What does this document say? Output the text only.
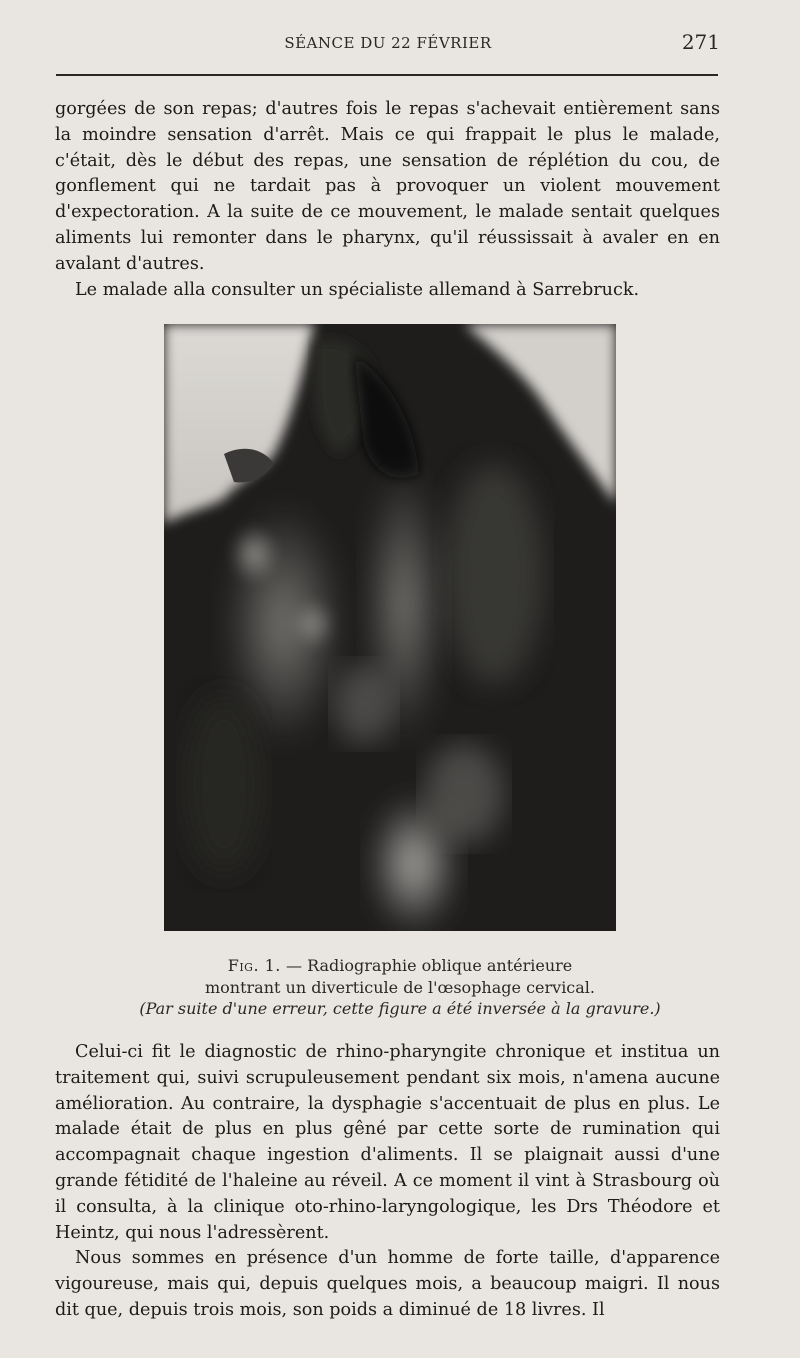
SÉANCE DU 22 FÉVRIER	271

gorgées de son repas; d'autres fois le repas s'achevait entièrement sans la moindre sensation d'arrêt. Mais ce qui frappait le plus le malade, c'était, dès le début des repas, une sensation de réplétion du cou, de gonflement qui ne tardait pas à provoquer un violent mouvement d'expectoration. A la suite de ce mouvement, le malade sentait quelques aliments lui remonter dans le pharynx, qu'il réussissait à avaler en en avalant d'autres.

Le malade alla consulter un spécialiste allemand à Sarrebruck.

Fig. 1. — Radiographie oblique antérieure
montrant un diverticule de l'œsophage cervical.
(Par suite d'une erreur, cette figure a été inversée à la gravure.)

Celui-ci fit le diagnostic de rhino-pharyngite chronique et institua un traitement qui, suivi scrupuleusement pendant six mois, n'amena aucune amélioration. Au contraire, la dysphagie s'accentuait de plus en plus. Le malade était de plus en plus gêné par cette sorte de rumination qui accompagnait chaque ingestion d'aliments. Il se plaignait aussi d'une grande fétidité de l'haleine au réveil. A ce moment il vint à Strasbourg où il consulta, à la clinique oto-rhino-laryngologique, les Drs Théodore et Heintz, qui nous l'adressèrent.

Nous sommes en présence d'un homme de forte taille, d'apparence vigoureuse, mais qui, depuis quelques mois, a beaucoup maigri. Il nous dit que, depuis trois mois, son poids a diminué de 18 livres. Il
